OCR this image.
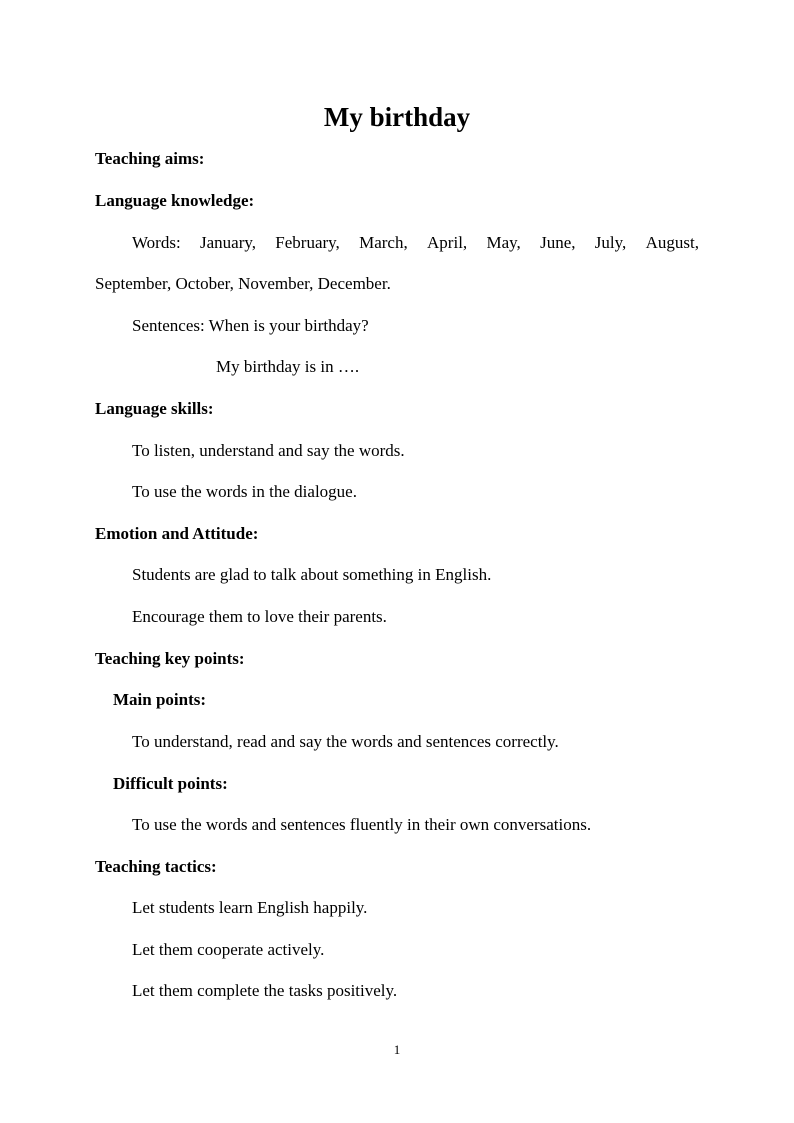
My birthday
Teaching aims:
Language knowledge:
Words: January, February, March, April, May, June, July, August,
September, October, November, December.
Sentences: When is your birthday?
My birthday is in ….
Language skills:
To listen, understand and say the words.
To use the words in the dialogue.
Emotion and Attitude:
Students are glad to talk about something in English.
Encourage them to love their parents.
Teaching key points:
Main points:
To understand, read and say the words and sentences correctly.
Difficult points:
To use the words and sentences fluently in their own conversations.
Teaching tactics:
Let students learn English happily.
Let them cooperate actively.
Let them complete the tasks positively.
1
